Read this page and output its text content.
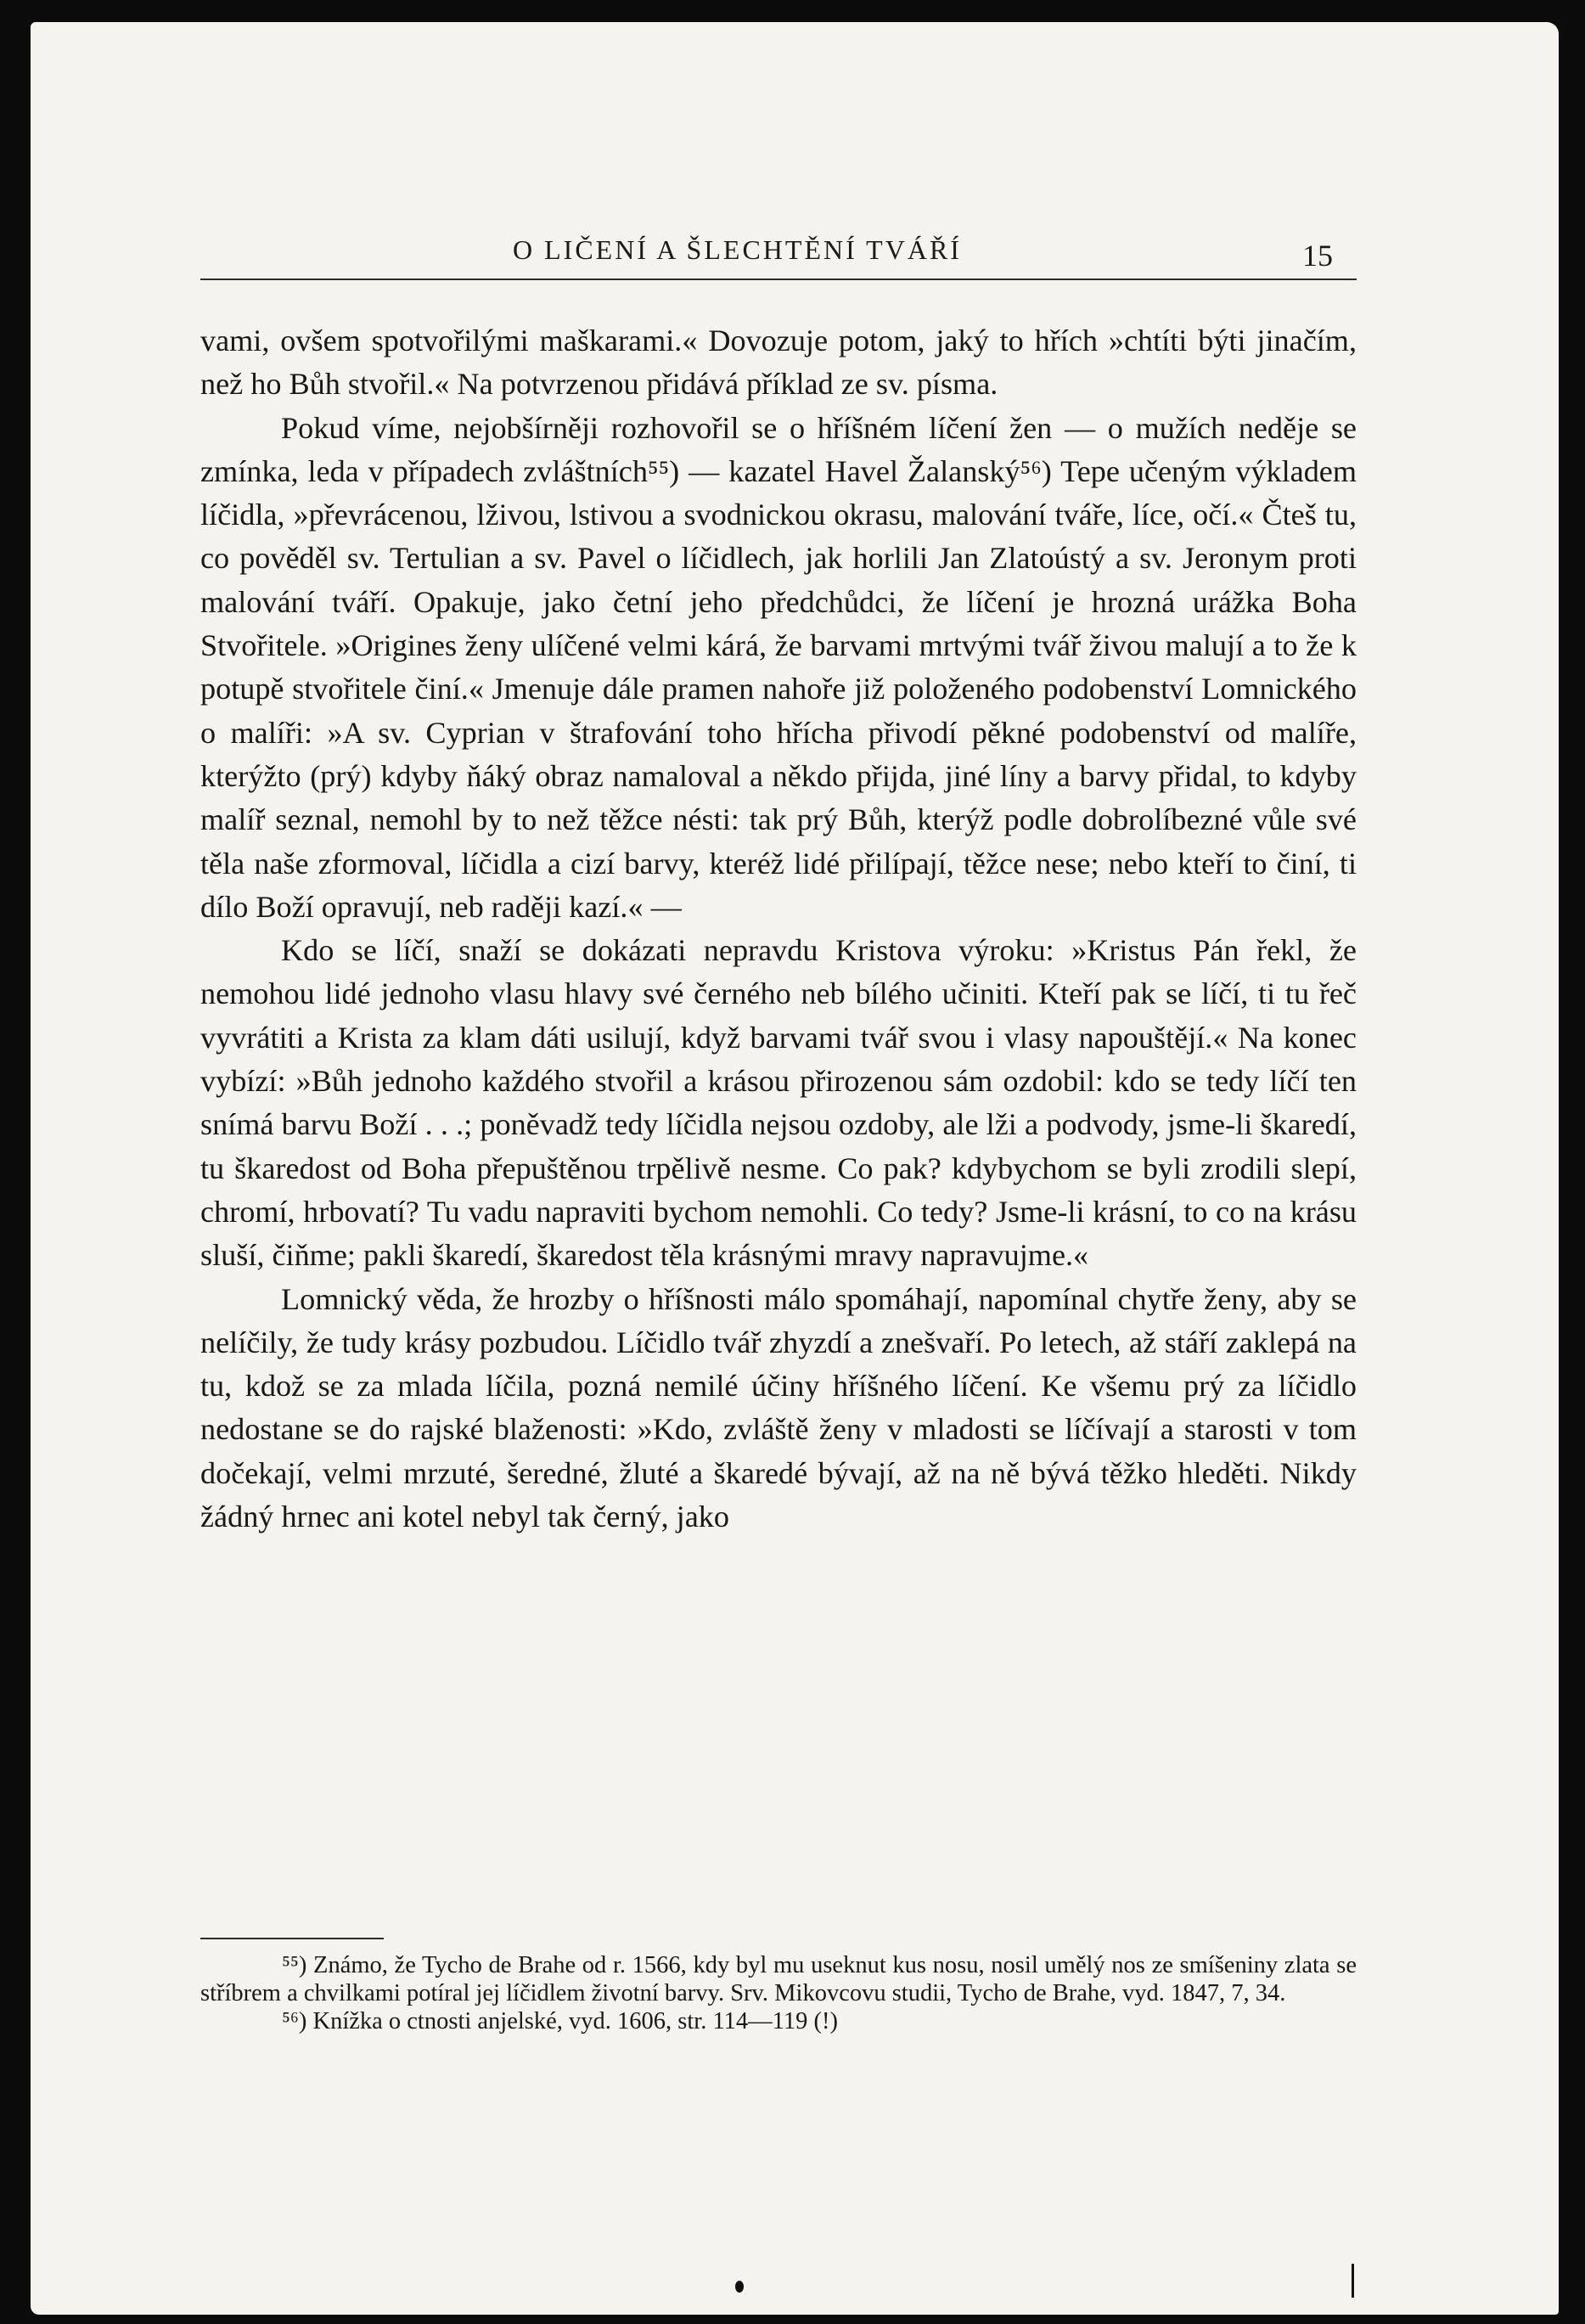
O LIČENÍ A ŠLECHTĚNÍ TVÁŘÍ	15

vami, ovšem spotvořilými maškarami.« Dovozuje potom, jaký to hřích »chtíti býti jinačím, než ho Bůh stvořil.« Na potvrzenou přidává příklad ze sv. písma.

Pokud víme, nejobšírněji rozhovořil se o hříšném líčení žen — o mužích neděje se zmínka, leda v případech zvláštních⁵⁵) — kazatel Havel Žalanský⁵⁶) Tepe učeným výkladem líčidla, »převrácenou, lživou, lstivou a svodnickou okrasu, malování tváře, líce, očí.« Čteš tu, co pověděl sv. Tertulian a sv. Pavel o líčidlech, jak horlili Jan Zlatoústý a sv. Jeronym proti malování tváří. Opakuje, jako četní jeho předchůdci, že líčení je hrozná urážka Boha Stvořitele. »Origines ženy ulíčené velmi kárá, že barvami mrtvými tvář živou malují a to že k potupě stvořitele činí.« Jmenuje dále pramen nahoře již položeného podobenství Lomnického o malíři: »A sv. Cyprian v štrafování toho hřícha přivodí pěkné podobenství od malíře, kterýžto (prý) kdyby ňáký obraz namaloval a někdo přijda, jiné líny a barvy přidal, to kdyby malíř seznal, nemohl by to než těžce nésti: tak prý Bůh, kterýž podle dobrolíbezné vůle své těla naše zformoval, líčidla a cizí barvy, kteréž lidé přilípají, těžce nese; nebo kteří to činí, ti dílo Boží opravují, neb raději kazí.« —

Kdo se líčí, snaží se dokázati nepravdu Kristova výroku: »Kristus Pán řekl, že nemohou lidé jednoho vlasu hlavy své černého neb bílého učiniti. Kteří pak se líčí, ti tu řeč vyvrátiti a Krista za klam dáti usilují, když barvami tvář svou i vlasy napouštějí.« Na konec vybízí: »Bůh jednoho každého stvořil a krásou přirozenou sám ozdobil: kdo se tedy líčí ten snímá barvu Boží . . .; poněvadž tedy líčidla nejsou ozdoby, ale lži a podvody, jsme-li škaredí, tu škaredost od Boha přepuštěnou trpělivě nesme. Co pak? kdybychom se byli zrodili slepí, chromí, hrbovatí? Tu vadu napraviti bychom nemohli. Co tedy? Jsme-li krásní, to co na krásu sluší, čiňme; pakli škaredí, škaredost těla krásnými mravy napravujme.«

Lomnický věda, že hrozby o hříšnosti málo spomáhají, napomínal chytře ženy, aby se nelíčily, že tudy krásy pozbudou. Líčidlo tvář zhyzdí a znešvaří. Po letech, až stáří zaklepá na tu, kdož se za mlada líčila, pozná nemilé účiny hříšného líčení. Ke všemu prý za líčidlo nedostane se do rajské blaženosti: »Kdo, zvláště ženy v mladosti se líčívají a starosti v tom dočekají, velmi mrzuté, šeredné, žluté a škaredé bývají, až na ně bývá těžko hleděti. Nikdy žádný hrnec ani kotel nebyl tak černý, jako

⁵⁵) Známo, že Tycho de Brahe od r. 1566, kdy byl mu useknut kus nosu, nosil umělý nos ze smíšeniny zlata se stříbrem a chvilkami potíral jej líčidlem životní barvy. Srv. Mikovcovu studii, Tycho de Brahe, vyd. 1847, 7, 34.

⁵⁶) Knížka o ctnosti anjelské, vyd. 1606, str. 114—119 (!)
